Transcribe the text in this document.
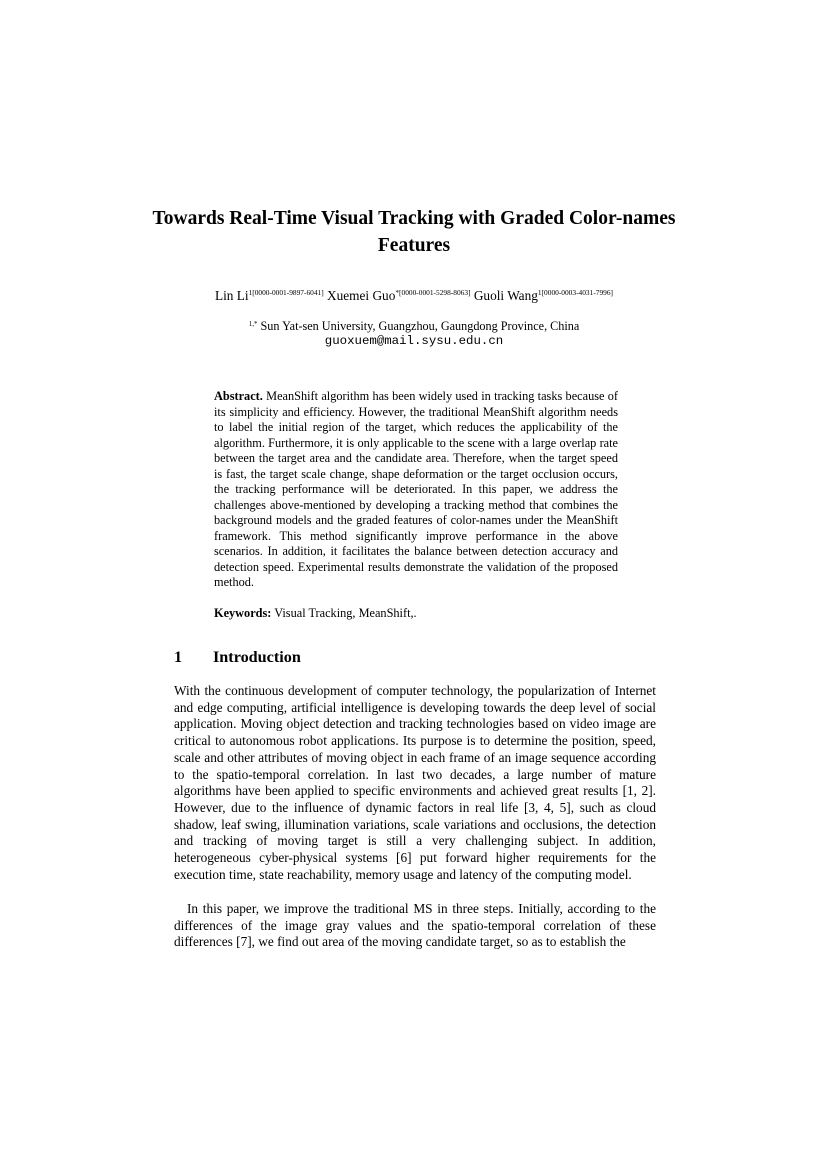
Towards Real-Time Visual Tracking with Graded Color-names Features
Lin $Li^{1[0000-0001-9897-6041]}$ Xuemei Guo$^{*[0000-0001-5298-8063]}$ Guoli Wang$^{1[0000-0003-4031-7996]}$
$^{1,*}$ Sun Yat-sen University, Guangzhou, Gaungdong Province, China
guoxuem@mail.sysu.edu.cn

Abstract. MeanShift algorithm has been widely used in tracking tasks because of its simplicity and efficiency. However, the traditional MeanShift algorithm needs to label the initial region of the target, which reduces the applicability of the algorithm. Furthermore, it is only applicable to the scene with a large overlap rate between the target area and the candidate area. Therefore, when the target speed is fast, the target scale change, shape deformation or the target occlusion occurs, the tracking performance will be deteriorated. In this paper, we address the challenges above-mentioned by developing a tracking method that combines the background models and the graded features of color-names under the MeanShift framework. This method significantly improve performance in the above scenarios. In addition, it facilitates the balance between detection accuracy and detection speed. Experimental results demonstrate the validation of the proposed method.

Keywords: Visual Tracking, MeanShift,.

1 Introduction

With the continuous development of computer technology, the popularization of Internet and edge computing, artificial intelligence is developing towards the deep level of social application. Moving object detection and tracking technologies based on video image are critical to autonomous robot applications. Its purpose is to determine the position, speed, scale and other attributes of moving object in each frame of an image sequence according to the spatio-temporal correlation. In last two decades, a large number of mature algorithms have been applied to specific environments and achieved great results [1, 2]. However, due to the influence of dynamic factors in real life [3, 4, 5], such as cloud shadow, leaf swing, illumination variations, scale variations and occlusions, the detection and tracking of moving target is still a very challenging subject. In addition, heterogeneous cyber-physical systems [6] put forward higher requirements for the execution time, state reachability, memory usage and latency of the computing model.

In this paper, we improve the traditional MS in three steps. Initially, according to the differences of the image gray values and the spatio-temporal correlation of these differences [7], we find out area of the moving candidate target, so as to establish the
